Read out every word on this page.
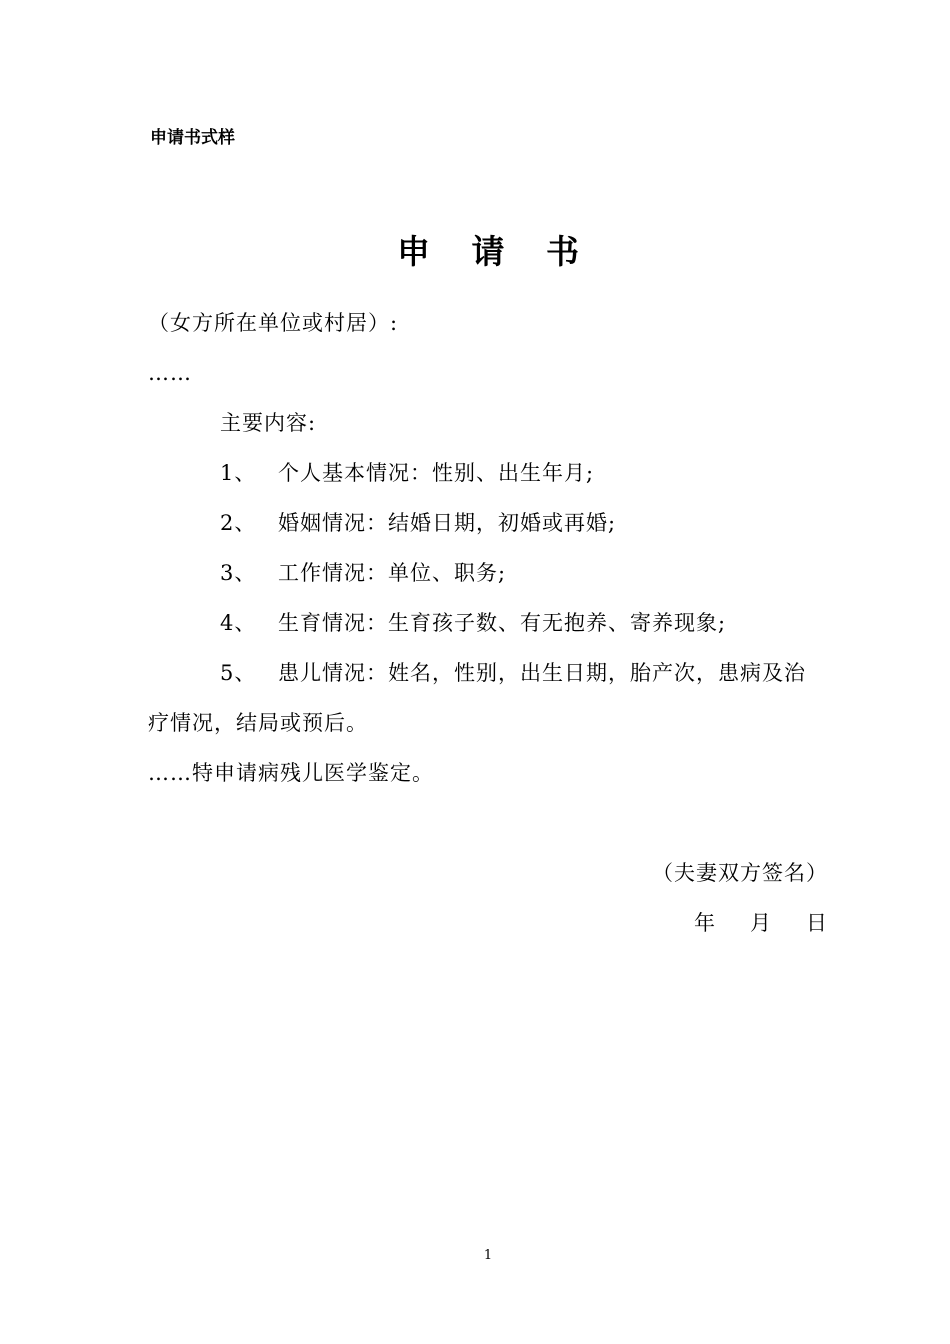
申请书式样
申 请 书
（女方所在单位或村居）:
……
主要内容:
1、 个人基本情况：性别、出生年月;
2、 婚姻情况：结婚日期，初婚或再婚;
3、 工作情况：单位、职务;
4、 生育情况：生育孩子数、有无抱养、寄养现象;
5、 患儿情况：姓名，性别，出生日期，胎产次，患病及治
疗情况，结局或预后。
……特申请病残儿医学鉴定。
（夫妻双方签名）
年 月 日
1
